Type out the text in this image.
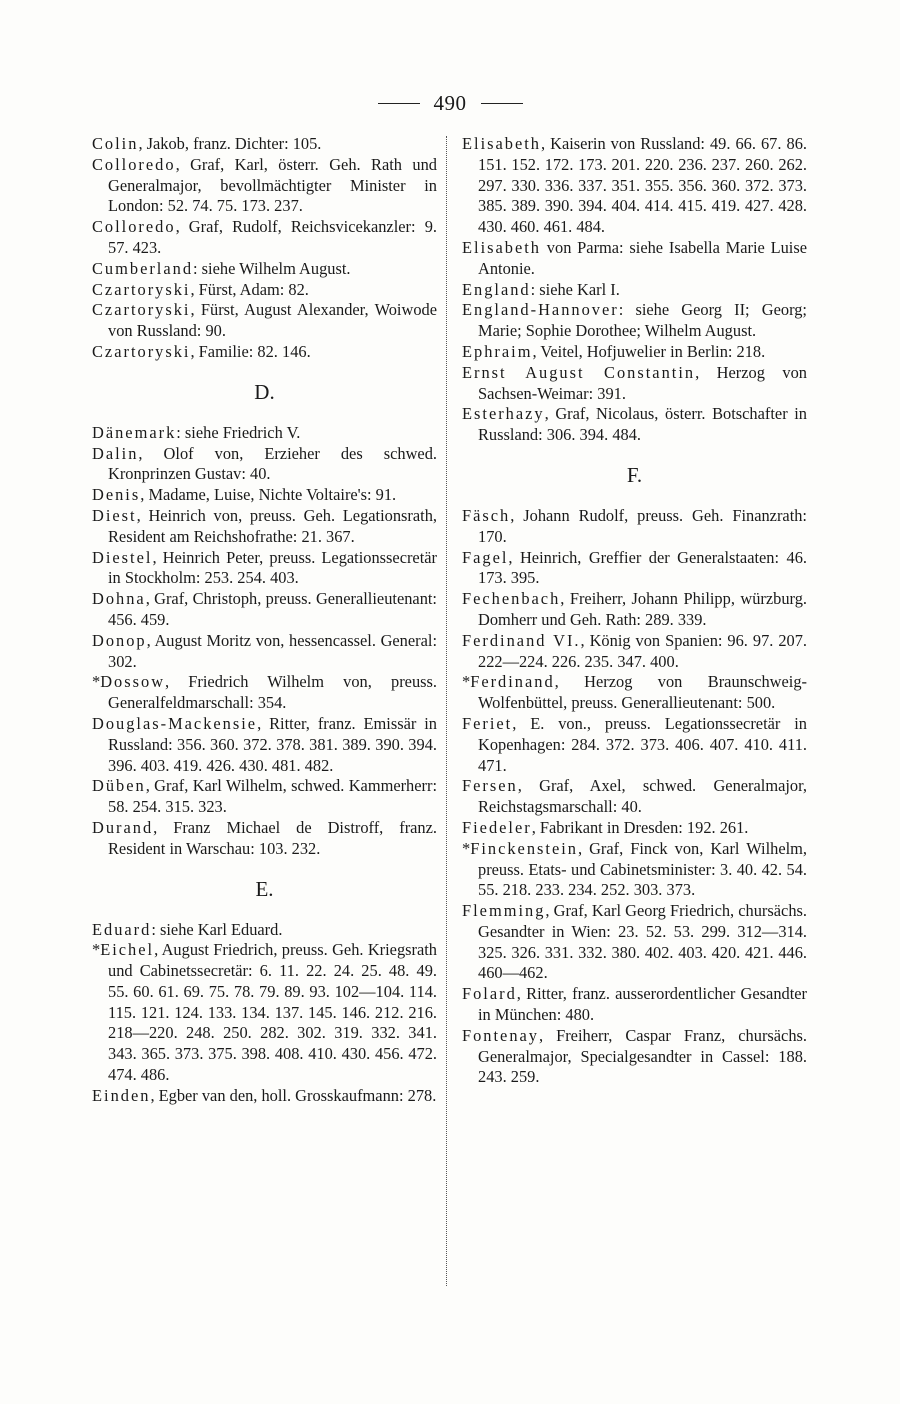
490

Colin, Jakob, franz. Dichter: 105.

Colloredo, Graf, Karl, österr. Geh. Rath und Generalmajor, bevollmächtigter Minister in London: 52. 74. 75. 173. 237.

Colloredo, Graf, Rudolf, Reichsvicekanzler: 9. 57. 423.

Cumberland: siehe Wilhelm August.

Czartoryski, Fürst, Adam: 82.

Czartoryski, Fürst, August Alexander, Woiwode von Russland: 90.

Czartoryski, Familie: 82. 146.

D.

Dänemark: siehe Friedrich V.

Dalin, Olof von, Erzieher des schwed. Kronprinzen Gustav: 40.

Denis, Madame, Luise, Nichte Voltaire's: 91.

Diest, Heinrich von, preuss. Geh. Legationsrath, Resident am Reichshofrathe: 21. 367.

Diestel, Heinrich Peter, preuss. Legationssecretär in Stockholm: 253. 254. 403.

Dohna, Graf, Christoph, preuss. Generallieutenant: 456. 459.

Donop, August Moritz von, hessencassel. General: 302.

*Dossow, Friedrich Wilhelm von, preuss. Generalfeldmarschall: 354.

Douglas-Mackensie, Ritter, franz. Emissär in Russland: 356. 360. 372. 378. 381. 389. 390. 394. 396. 403. 419. 426. 430. 481. 482.

Düben, Graf, Karl Wilhelm, schwed. Kammerherr: 58. 254. 315. 323.

Durand, Franz Michael de Distroff, franz. Resident in Warschau: 103. 232.

E.

Eduard: siehe Karl Eduard.

*Eichel, August Friedrich, preuss. Geh. Kriegsrath und Cabinetssecretär: 6. 11. 22. 24. 25. 48. 49. 55. 60. 61. 69. 75. 78. 79. 89. 93. 102—104. 114. 115. 121. 124. 133. 134. 137. 145. 146. 212. 216. 218—220. 248. 250. 282. 302. 319. 332. 341. 343. 365. 373. 375. 398. 408. 410. 430. 456. 472. 474. 486.

Einden, Egber van den, holl. Grosskaufmann: 278.

Elisabeth, Kaiserin von Russland: 49. 66. 67. 86. 151. 152. 172. 173. 201. 220. 236. 237. 260. 262. 297. 330. 336. 337. 351. 355. 356. 360. 372. 373. 385. 389. 390. 394. 404. 414. 415. 419. 427. 428. 430. 460. 461. 484.

Elisabeth von Parma: siehe Isabella Marie Luise Antonie.

England: siehe Karl I.

England-Hannover: siehe Georg II; Georg; Marie; Sophie Dorothee; Wilhelm August.

Ephraim, Veitel, Hofjuwelier in Berlin: 218.

Ernst August Constantin, Herzog von Sachsen-Weimar: 391.

Esterhazy, Graf, Nicolaus, österr. Botschafter in Russland: 306. 394. 484.

F.

Fäsch, Johann Rudolf, preuss. Geh. Finanzrath: 170.

Fagel, Heinrich, Greffier der Generalstaaten: 46. 173. 395.

Fechenbach, Freiherr, Johann Philipp, würzburg. Domherr und Geh. Rath: 289. 339.

Ferdinand VI., König von Spanien: 96. 97. 207. 222—224. 226. 235. 347. 400.

*Ferdinand, Herzog von Braunschweig-Wolfenbüttel, preuss. Generallieutenant: 500.

Feriet, E. von., preuss. Legationssecretär in Kopenhagen: 284. 372. 373. 406. 407. 410. 411. 471.

Fersen, Graf, Axel, schwed. Generalmajor, Reichstagsmarschall: 40.

Fiedeler, Fabrikant in Dresden: 192. 261.

*Finckenstein, Graf, Finck von, Karl Wilhelm, preuss. Etats- und Cabinetsminister: 3. 40. 42. 54. 55. 218. 233. 234. 252. 303. 373.

Flemming, Graf, Karl Georg Friedrich, chursächs. Gesandter in Wien: 23. 52. 53. 299. 312—314. 325. 326. 331. 332. 380. 402. 403. 420. 421. 446. 460—462.

Folard, Ritter, franz. ausserordentlicher Gesandter in München: 480.

Fontenay, Freiherr, Caspar Franz, chursächs. Generalmajor, Specialgesandter in Cassel: 188. 243. 259.
